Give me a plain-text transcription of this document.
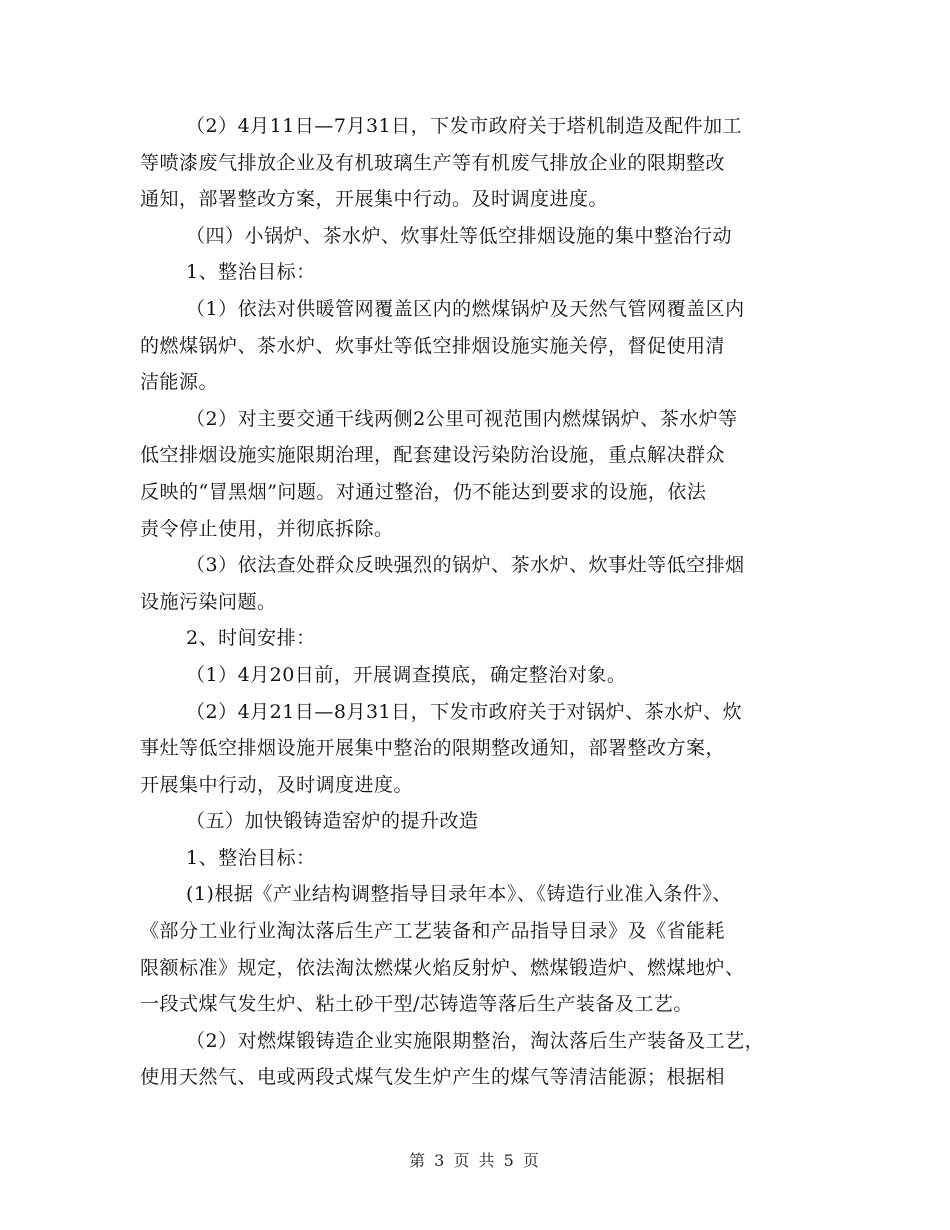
（2）4月11日—7月31日，下发市政府关于塔机制造及配件加工
等喷漆废气排放企业及有机玻璃生产等有机废气排放企业的限期整改
通知，部署整改方案，开展集中行动。及时调度进度。
（四）小锅炉、茶水炉、炊事灶等低空排烟设施的集中整治行动
1、整治目标：
（1）依法对供暖管网覆盖区内的燃煤锅炉及天然气管网覆盖区内
的燃煤锅炉、茶水炉、炊事灶等低空排烟设施实施关停，督促使用清
洁能源。
（2）对主要交通干线两侧2公里可视范围内燃煤锅炉、茶水炉等
低空排烟设施实施限期治理，配套建设污染防治设施，重点解决群众
反映的“冒黑烟”问题。对通过整治，仍不能达到要求的设施，依法
责令停止使用，并彻底拆除。
（3）依法查处群众反映强烈的锅炉、茶水炉、炊事灶等低空排烟
设施污染问题。
2、时间安排：
（1）4月20日前，开展调查摸底，确定整治对象。
（2）4月21日—8月31日，下发市政府关于对锅炉、茶水炉、炊
事灶等低空排烟设施开展集中整治的限期整改通知，部署整改方案，
开展集中行动，及时调度进度。
（五）加快锻铸造窑炉的提升改造
1、整治目标：
(1)根据《产业结构调整指导目录年本》、《铸造行业准入条件》、
《部分工业行业淘汰落后生产工艺装备和产品指导目录》及《省能耗
限额标准》规定，依法淘汰燃煤火焰反射炉、燃煤锻造炉、燃煤地炉、
一段式煤气发生炉、粘土砂干型/芯铸造等落后生产装备及工艺。
（2）对燃煤锻铸造企业实施限期整治，淘汰落后生产装备及工艺，
使用天然气、电或两段式煤气发生炉产生的煤气等清洁能源；根据相
第 3 页 共 5 页
